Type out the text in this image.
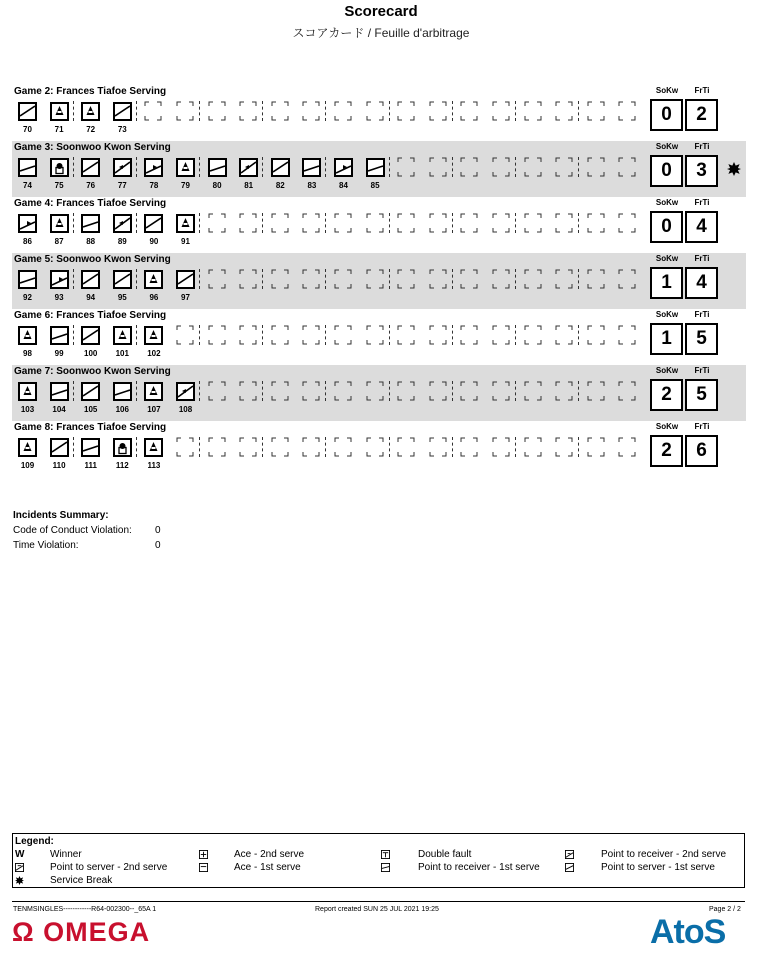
Scorecard
スコアカード / Feuille d'arbitrage
Game 2: Frances Tiafoe Serving
70	71	72	73
SoKw	FrTi
0	2
Game 3: Soonwoo Kwon Serving
74	75	76	77	78	79	80	81	82	83	84	85
SoKw	FrTi
0	3
Game 4: Frances Tiafoe Serving
86	87	88	89	90	91
SoKw	FrTi
0	4
Game 5: Soonwoo Kwon Serving
92	93	94	95	96	97
SoKw	FrTi
1	4
Game 6: Frances Tiafoe Serving
98	99	100	101	102
SoKw	FrTi
1	5
Game 7: Soonwoo Kwon Serving
103	104	105	106	107	108
SoKw	FrTi
2	5
Game 8: Frances Tiafoe Serving
109	110	111	112	113
SoKw	FrTi
2	6
Incidents Summary:
Code of Conduct Violation: 0
Time Violation:	0
Legend:
W	Winner	Ace - 2nd serve	Double fault	Point to receiver - 2nd serve
Point to server - 2nd serve	Ace - 1st serve	Point to receiver - 1st serve	Point to server - 1st serve
Service Break
TENMSINGLES------------R64-002300--_65A 1	Report created SUN 25 JUL 2021 19:25	Page 2 / 2
Ω OMEGA	AtoS
